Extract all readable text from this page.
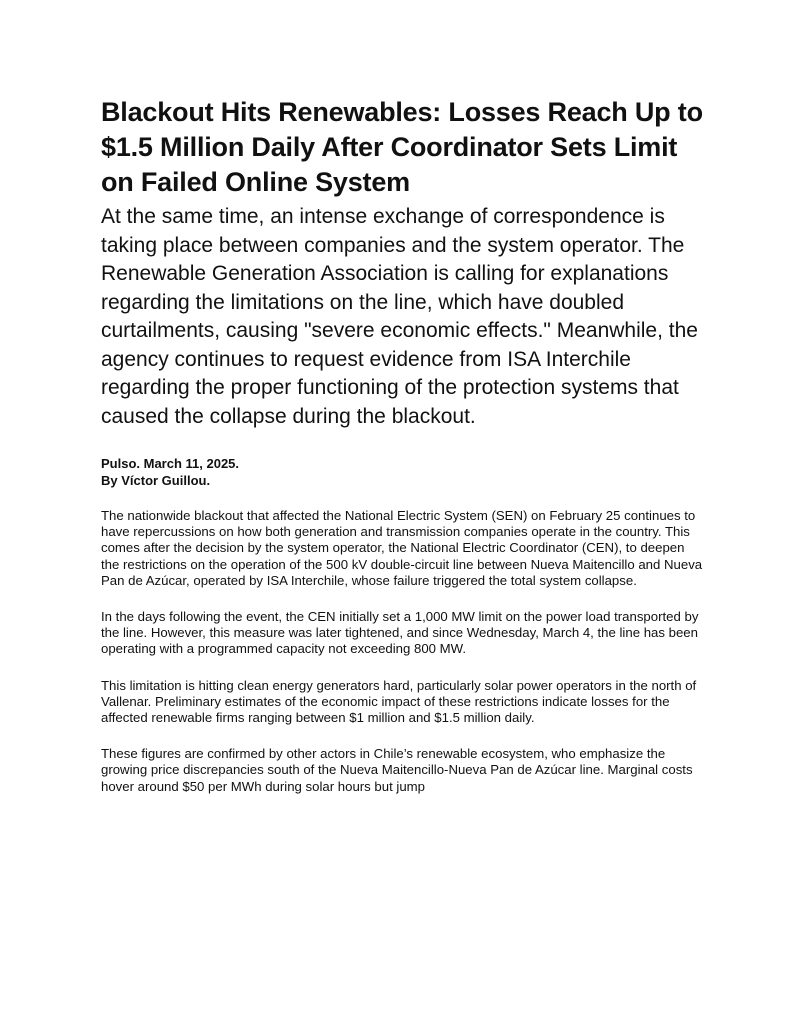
Blackout Hits Renewables: Losses Reach Up to $1.5 Million Daily After Coordinator Sets Limit on Failed Online System
At the same time, an intense exchange of correspondence is taking place between companies and the system operator. The Renewable Generation Association is calling for explanations regarding the limitations on the line, which have doubled curtailments, causing "severe economic effects." Meanwhile, the agency continues to request evidence from ISA Interchile regarding the proper functioning of the protection systems that caused the collapse during the blackout.
Pulso. March 11, 2025.
By Víctor Guillou.

The nationwide blackout that affected the National Electric System (SEN) on February 25 continues to have repercussions on how both generation and transmission companies operate in the country. This comes after the decision by the system operator, the National Electric Coordinator (CEN), to deepen the restrictions on the operation of the 500 kV double-circuit line between Nueva Maitencillo and Nueva Pan de Azúcar, operated by ISA Interchile, whose failure triggered the total system collapse.

In the days following the event, the CEN initially set a 1,000 MW limit on the power load transported by the line. However, this measure was later tightened, and since Wednesday, March 4, the line has been operating with a programmed capacity not exceeding 800 MW.

This limitation is hitting clean energy generators hard, particularly solar power operators in the north of Vallenar. Preliminary estimates of the economic impact of these restrictions indicate losses for the affected renewable firms ranging between $1 million and $1.5 million daily.

These figures are confirmed by other actors in Chile’s renewable ecosystem, who emphasize the growing price discrepancies south of the Nueva Maitencillo-Nueva Pan de Azúcar line. Marginal costs hover around $50 per MWh during solar hours but jump
